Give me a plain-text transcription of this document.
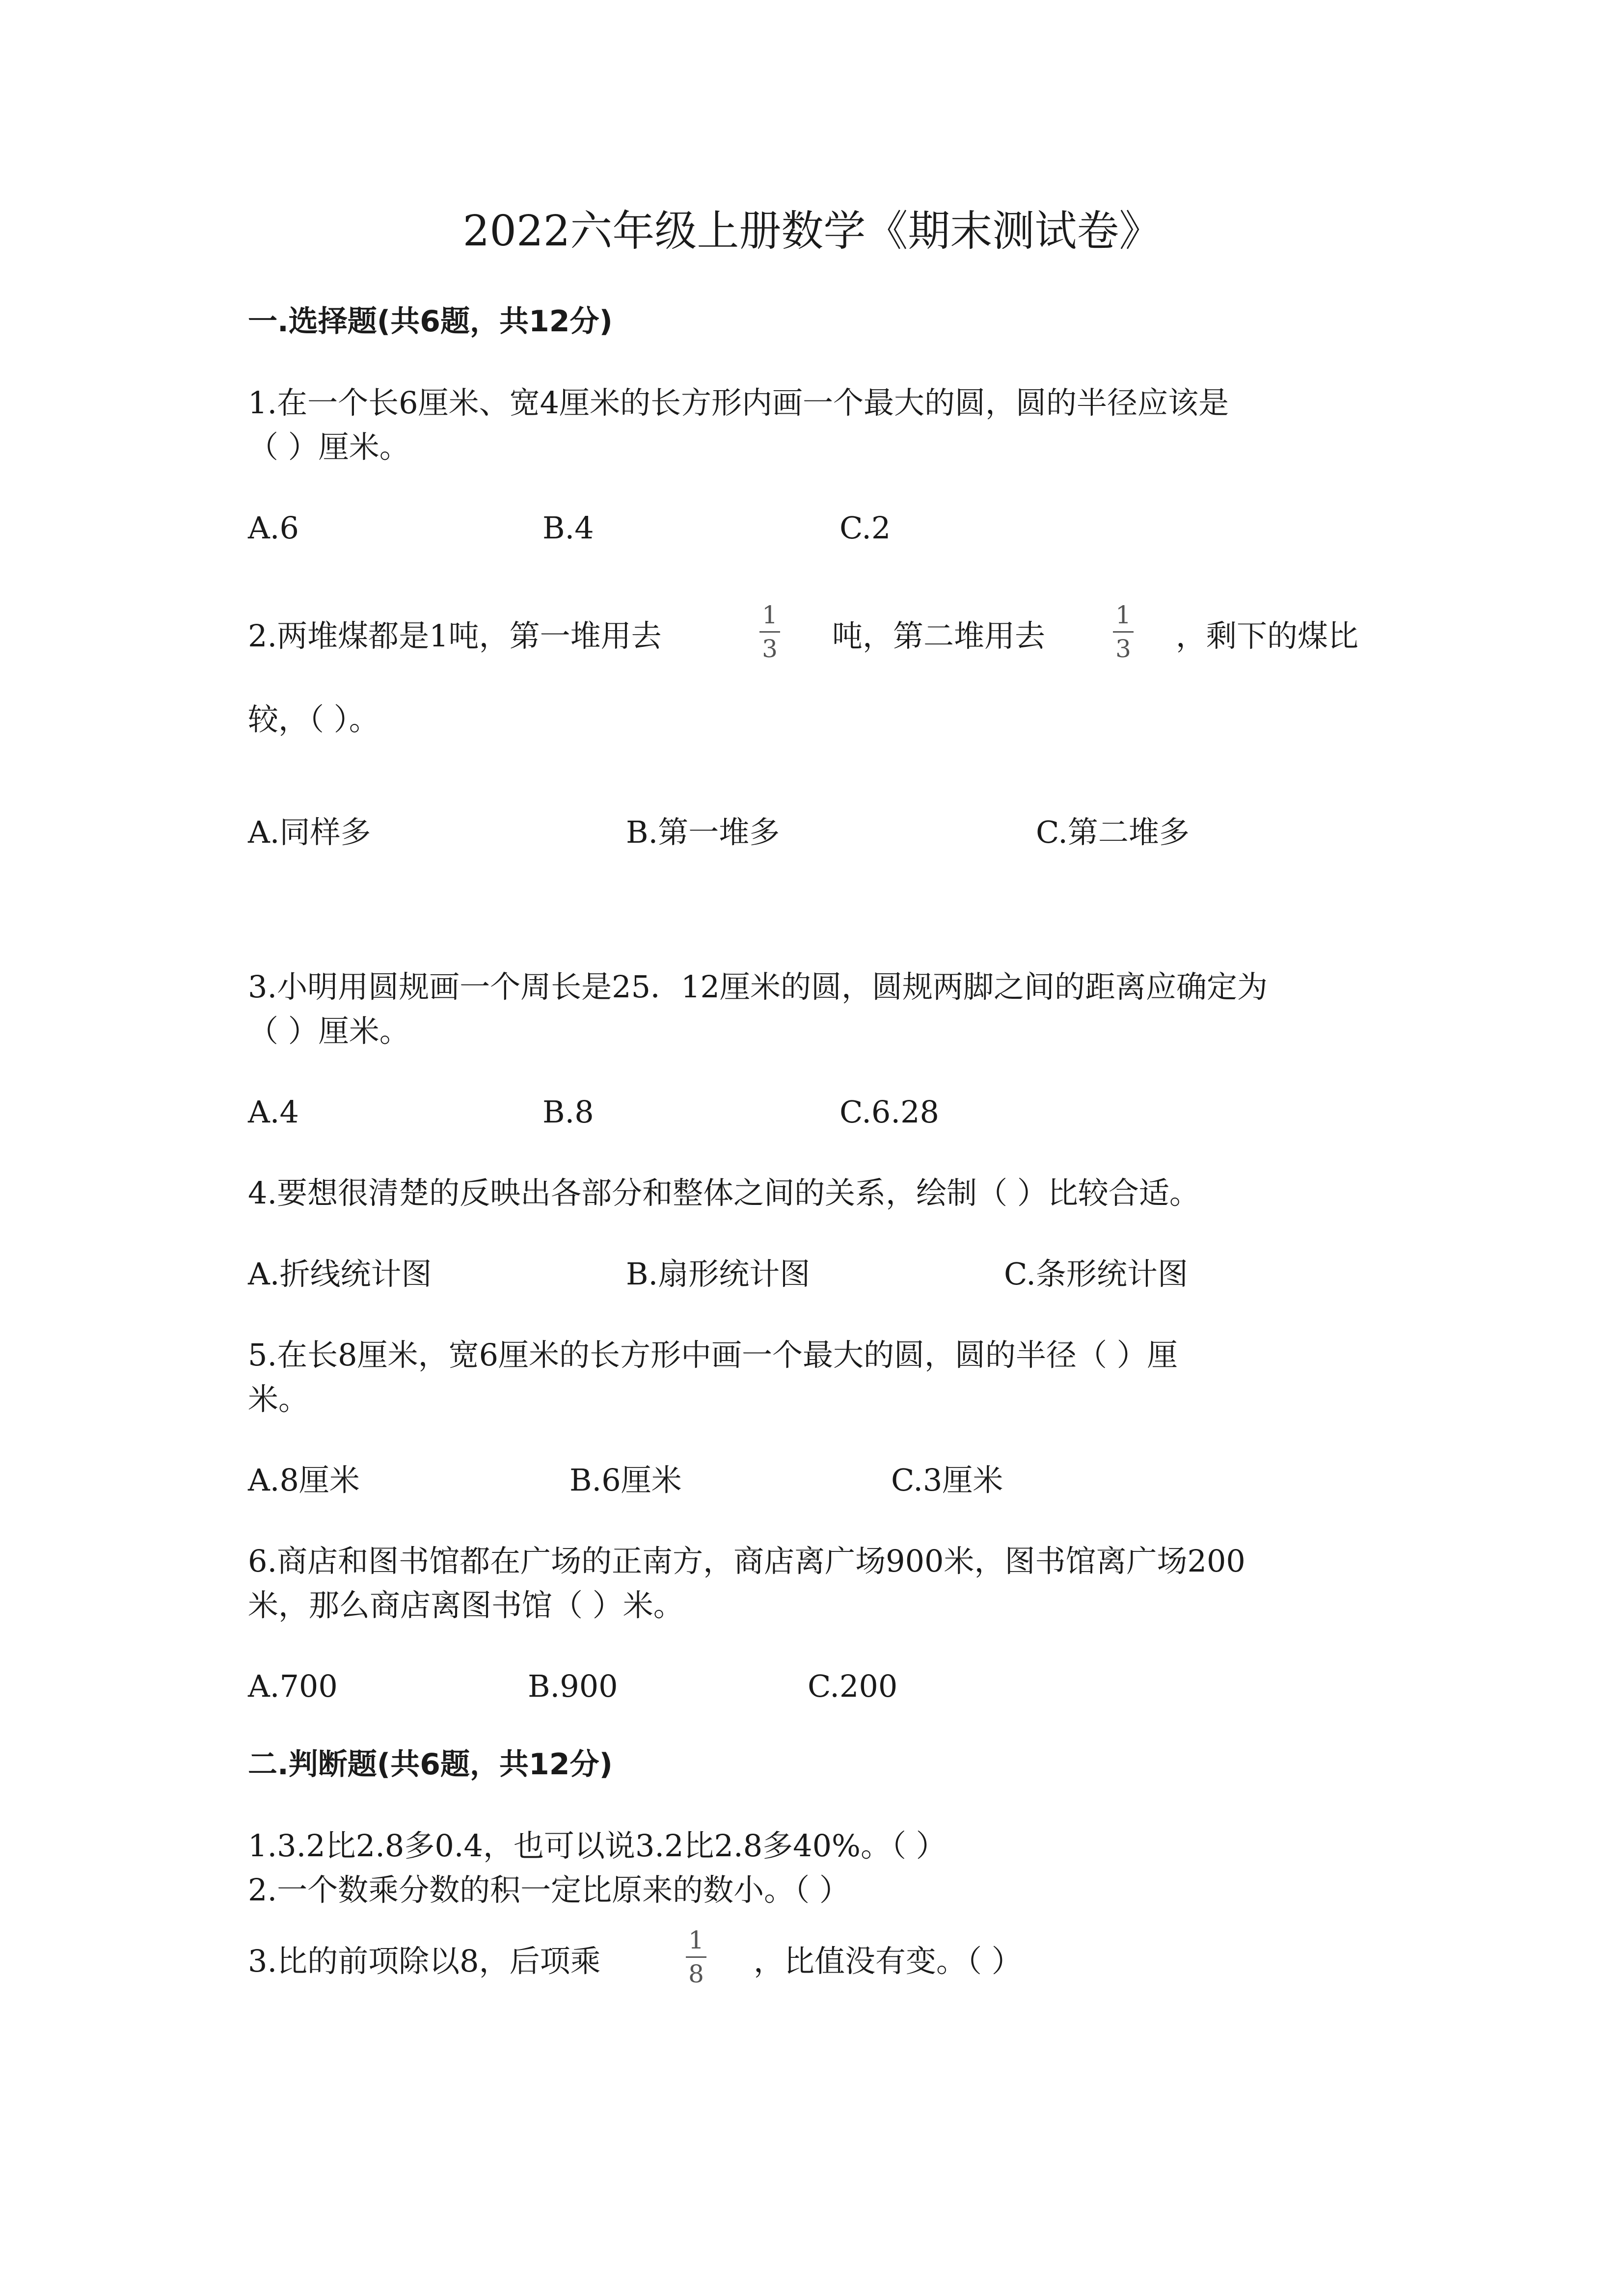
2022六年级上册数学《期末测试卷》
一.选择题(共6题，共12分)
1.在一个长6厘米、宽4厘米的长方形内画一个最大的圆，圆的半径应该是
（ ）厘米。
A.6	B.4	C.2
2.两堆煤都是1吨，第一堆用去
1
3 吨，第二堆用去
1
3 ，剩下的煤比
较，（ ）。
A.同样多	B.第一堆多	C.第二堆多
3.小明用圆规画一个周长是25．12厘米的圆，圆规两脚之间的距离应确定为
（ ）厘米。
A.4	B.8	C.6.28
4.要想很清楚的反映出各部分和整体之间的关系，绘制（ ）比较合适。
A.折线统计图	B.扇形统计图	C.条形统计图
5.在长8厘米，宽6厘米的长方形中画一个最大的圆，圆的半径（ ）厘
米。
A.8厘米	B.6厘米	C.3厘米
6.商店和图书馆都在广场的正南方，商店离广场900米，图书馆离广场200
米，那么商店离图书馆（ ）米。
A.700	B.900	C.200
二.判断题(共6题，共12分)
1.3.2比2.8多0.4，也可以说3.2比2.8多40%。（ ）
2.一个数乘分数的积一定比原来的数小。（ ）
3.比的前项除以8，后项乘
1
8 ，比值没有变。（ ）
